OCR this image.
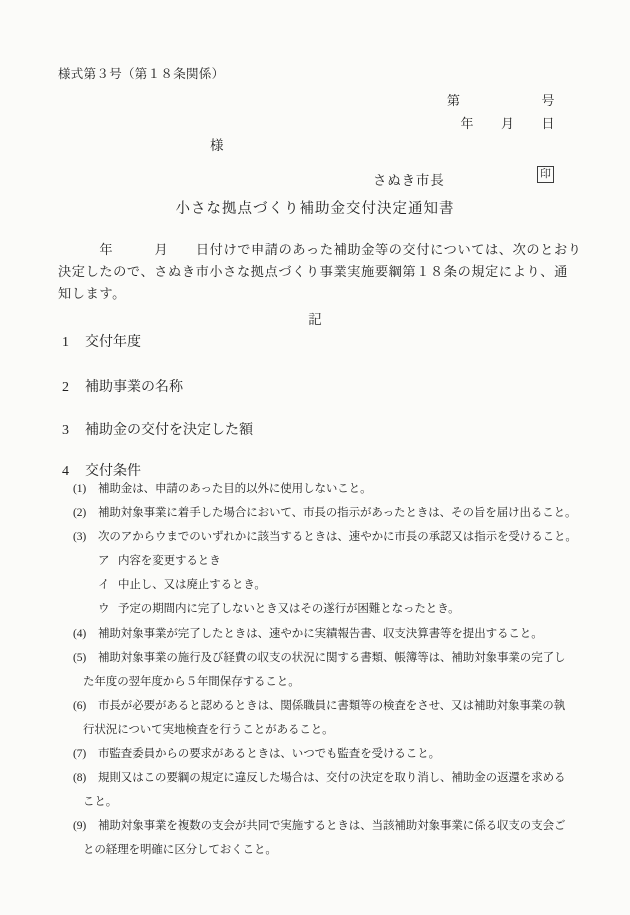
様式第３号（第１８条関係）
第　　　　　　号
年　　月　　日
様
さぬき市長	印
小さな拠点づくり補助金交付決定通知書
　　　年　　　月　　日付けで申請のあった補助金等の交付については、次のとおり
決定したので、さぬき市小さな拠点づくり事業実施要綱第１８条の規定により、通
知します。
記
1 交付年度
2 補助事業の名称
3 補助金の交付を決定した額
4 交付条件
(1) 補助金は、申請のあった目的以外に使用しないこと。
(2) 補助対象事業に着手した場合において、市長の指示があったときは、その旨を届け出ること。
(3) 次のアからウまでのいずれかに該当するときは、速やかに市長の承認又は指示を受けること。
ア 内容を変更するとき
イ 中止し、又は廃止するとき。
ウ 予定の期間内に完了しないとき又はその遂行が困難となったとき。
(4) 補助対象事業が完了したときは、速やかに実績報告書、収支決算書等を提出すること。
(5) 補助対象事業の施行及び経費の収支の状況に関する書類、帳簿等は、補助対象事業の完了し
た年度の翌年度から５年間保存すること。
(6) 市長が必要があると認めるときは、関係職員に書類等の検査をさせ、又は補助対象事業の執
行状況について実地検査を行うことがあること。
(7) 市監査委員からの要求があるときは、いつでも監査を受けること。
(8) 規則又はこの要綱の規定に違反した場合は、交付の決定を取り消し、補助金の返還を求める
こと。
(9) 補助対象事業を複数の支会が共同で実施するときは、当該補助対象事業に係る収支の支会ご
との経理を明確に区分しておくこと。
